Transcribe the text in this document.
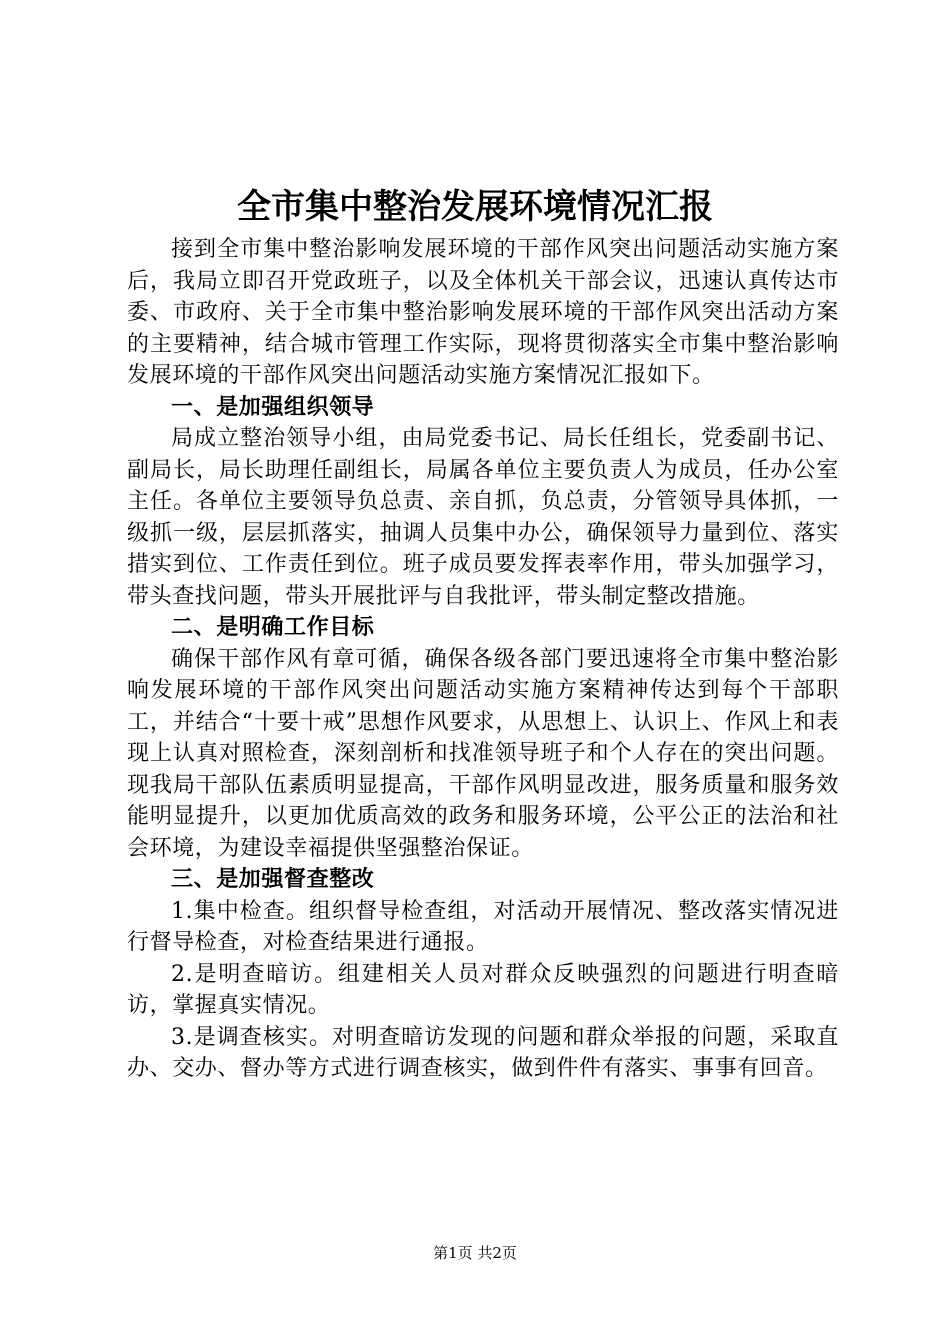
全市集中整治发展环境情况汇报

接到全市集中整治影响发展环境的干部作风突出问题活动实施方案后，我局立即召开党政班子，以及全体机关干部会议，迅速认真传达市委、市政府、关于全市集中整治影响发展环境的干部作风突出活动方案的主要精神，结合城市管理工作实际，现将贯彻落实全市集中整治影响发展环境的干部作风突出问题活动实施方案情况汇报如下。

一、是加强组织领导

局成立整治领导小组，由局党委书记、局长任组长，党委副书记、副局长，局长助理任副组长，局属各单位主要负责人为成员，任办公室主任。各单位主要领导负总责、亲自抓，负总责，分管领导具体抓，一级抓一级，层层抓落实，抽调人员集中办公，确保领导力量到位、落实措实到位、工作责任到位。班子成员要发挥表率作用，带头加强学习，带头查找问题，带头开展批评与自我批评，带头制定整改措施。

二、是明确工作目标

确保干部作风有章可循，确保各级各部门要迅速将全市集中整治影响发展环境的干部作风突出问题活动实施方案精神传达到每个干部职工，并结合“十要十戒”思想作风要求，从思想上、认识上、作风上和表现上认真对照检查，深刻剖析和找准领导班子和个人存在的突出问题。现我局干部队伍素质明显提高，干部作风明显改进，服务质量和服务效能明显提升，以更加优质高效的政务和服务环境，公平公正的法治和社会环境，为建设幸福提供坚强整治保证。

三、是加强督查整改

1.集中检查。组织督导检查组，对活动开展情况、整改落实情况进行督导检查，对检查结果进行通报。

2.是明查暗访。组建相关人员对群众反映强烈的问题进行明查暗访，掌握真实情况。

3.是调查核实。对明查暗访发现的问题和群众举报的问题，采取直办、交办、督办等方式进行调查核实，做到件件有落实、事事有回音。

第1页 共2页
